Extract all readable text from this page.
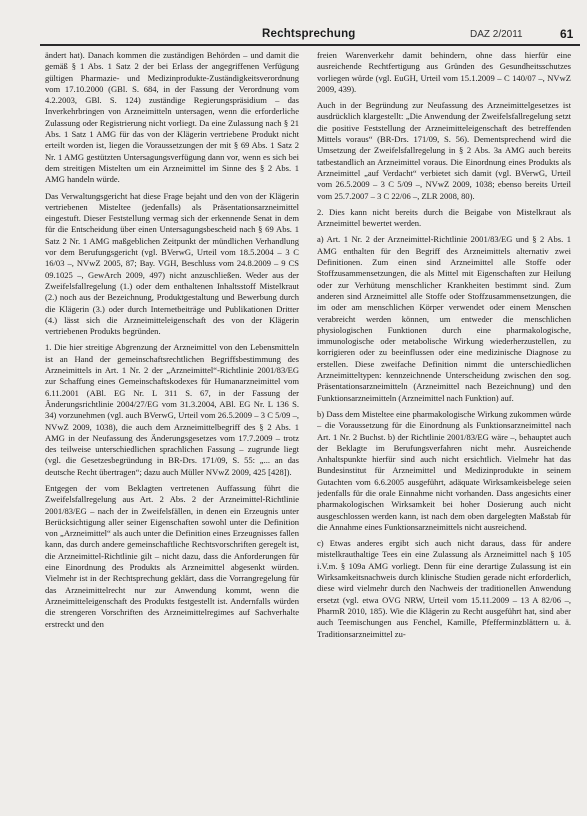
Rechtsprechung	DAZ 2/2011	61

ändert hat). Danach kommen die zuständigen Behörden – und damit die gemäß § 1 Abs. 1 Satz 2 der bei Erlass der angegriffenen Verfügung gültigen Pharmazie- und Medizinprodukte-Zuständigkeitsverordnung vom 17.10.2000 (GBl. S. 684, in der Fassung der Verordnung vom 4.2.2003, GBl. S. 124) zuständige Regierungspräsidium – das Inverkehrbringen von Arzneimitteln untersagen, wenn die erforderliche Zulassung oder Registrierung nicht vorliegt. Da eine Zulassung nach § 21 Abs. 1 Satz 1 AMG für das von der Klägerin vertriebene Produkt nicht erteilt worden ist, liegen die Voraussetzungen der mit § 69 Abs. 1 Satz 2 Nr. 1 AMG gestützten Untersagungsverfügung dann vor, wenn es sich bei dem streitigen Mistelten um ein Arzneimittel im Sinne des § 2 Abs. 1 AMG handeln würde.

Das Verwaltungsgericht hat diese Frage bejaht und den von der Klägerin vertriebenen Misteltee (jedenfalls) als Präsentationsarzneimittel eingestuft. Dieser Feststellung vermag sich der erkennende Senat in dem für die Entscheidung über einen Untersagungsbescheid nach § 69 Abs. 1 Satz 2 Nr. 1 AMG maßgeblichen Zeitpunkt der mündlichen Verhandlung vor dem Berufungsgericht (vgl. BVerwG, Urteil vom 18.5.2004 – 3 C 16/03 –, NVwZ 2005, 87; Bay. VGH, Beschluss vom 24.8.2009 – 9 CS 09.1025 –, GewArch 2009, 497) nicht anzuschließen. Weder aus der Zweifelsfallregelung (1.) oder dem enthaltenen Inhaltsstoff Mistelkraut (2.) noch aus der Bezeichnung, Produktgestaltung und Bewerbung durch die Klägerin (3.) oder durch Internetbeiträge und Publikationen Dritter (4.) lässt sich die Arzneimitteleigenschaft des von der Klägerin vertriebenen Produkts begründen.

1. Die hier streitige Abgrenzung der Arzneimittel von den Lebensmitteln ist an Hand der gemeinschaftsrechtlichen Begriffsbestimmung des Arzneimittels in Art. 1 Nr. 2 der „Arzneimittel“-Richtlinie 2001/83/EG zur Schaffung eines Gemeinschaftskodexes für Humanarzneimittel vom 6.11.2001 (ABl. EG Nr. L 311 S. 67, in der Fassung der Änderungsrichtlinie 2004/27/EG vom 31.3.2004, ABl. EG Nr. L 136 S. 34) vorzunehmen (vgl. auch BVerwG, Urteil vom 26.5.2009 – 3 C 5/09 –, NVwZ 2009, 1038), die auch dem Arzneimittelbegriff des § 2 Abs. 1 AMG in der Neufassung des Änderungsgesetzes vom 17.7.2009 – trotz des teilweise unterschiedlichen sprachlichen Fassung – zugrunde liegt (vgl. die Gesetzesbegründung in BR-Drs. 171/09, S. 55: „... an das deutsche Recht übertragen“; dazu auch Müller NVwZ 2009, 425 [428]).

Entgegen der vom Beklagten vertretenen Auffassung führt die Zweifelsfallregelung aus Art. 2 Abs. 2 der Arzneimittel-Richtlinie 2001/83/EG – nach der in Zweifelsfällen, in denen ein Erzeugnis unter Berücksichtigung aller seiner Eigenschaften sowohl unter die Definition von „Arzneimittel“ als auch unter die Definition eines Erzeugnisses fallen kann, das durch andere gemeinschaftliche Rechtsvorschriften geregelt ist, die Arzneimittel-Richtlinie gilt – nicht dazu, dass die Anforderungen für eine Einordnung des Produkts als Arzneimittel abgesenkt würden. Vielmehr ist in der Rechtsprechung geklärt, dass die Vorrangregelung für das Arzneimittelrecht nur zur Anwendung kommt, wenn die Arzneimitteleigenschaft des Produkts festgestellt ist. Andernfalls würden die strengeren Vorschriften des Arzneimittelregimes auf Sachverhalte erstreckt und den

freien Warenverkehr damit behindern, ohne dass hierfür eine ausreichende Rechtfertigung aus Gründen des Gesundheitsschutzes vorliegen würde (vgl. EuGH, Urteil vom 15.1.2009 – C 140/07 –, NVwZ 2009, 439).

Auch in der Begründung zur Neufassung des Arzneimittelgesetzes ist ausdrücklich klargestellt: „Die Anwendung der Zweifelsfallregelung setzt die positive Feststellung der Arzneimitteleigenschaft des betreffenden Mittels voraus“ (BR-Drs. 171/09, S. 56). Dementsprechend wird die Umsetzung der Zweifelsfallregelung in § 2 Abs. 3a AMG auch bereits tatbestandlich an Arzneimittel voraus. Die Einordnung eines Produkts als Arzneimittel „auf Verdacht“ verbietet sich damit (vgl. BVerwG, Urteil vom 26.5.2009 – 3 C 5/09 –, NVwZ 2009, 1038; ebenso bereits Urteil vom 25.7.2007 – 3 C 22/06 –, ZLR 2008, 80).

2. Dies kann nicht bereits durch die Beigabe von Mistelkraut als Arzneimittel bewertet werden.

a) Art. 1 Nr. 2 der Arzneimittel-Richtlinie 2001/83/EG und § 2 Abs. 1 AMG enthalten für den Begriff des Arzneimittels alternativ zwei Definitionen. Zum einen sind Arzneimittel alle Stoffe oder Stoffzusammensetzungen, die als Mittel mit Eigenschaften zur Heilung oder zur Verhütung menschlicher Krankheiten bestimmt sind. Zum anderen sind Arzneimittel alle Stoffe oder Stoffzusammensetzungen, die im oder am menschlichen Körper verwendet oder einem Menschen verabreicht werden können, um entweder die menschlichen physiologischen Funktionen durch eine pharmakologische, immunologische oder metabolische Wirkung wiederherzustellen, zu korrigieren oder zu beeinflussen oder eine medizinische Diagnose zu erstellen. Diese zweifache Definition nimmt die unterschiedlichen Arzneimitteltypen: kennzeichnende Unterscheidung zwischen den sog. Präsentationsarzneimitteln (Arzneimittel nach Bezeichnung) und den Funktionsarzneimitteln (Arzneimittel nach Funktion) auf.

b) Dass dem Misteltee eine pharmakologische Wirkung zukommen würde – die Voraussetzung für die Einordnung als Funktionsarzneimittel nach Art. 1 Nr. 2 Buchst. b) der Richtlinie 2001/83/EG wäre –, behauptet auch der Beklagte im Berufungsverfahren nicht mehr. Ausreichende Anhaltspunkte hierfür sind auch nicht ersichtlich. Vielmehr hat das Bundesinstitut für Arzneimittel und Medizinprodukte in seinem Gutachten vom 6.6.2005 ausgeführt, adäquate Wirksamkeisbelege seien jedenfalls für die orale Einnahme nicht vorhanden. Dass angesichts einer pharmakologischen Wirksamkeit bei hoher Dosierung auch nicht ausgeschlossen werden kann, ist nach dem oben dargelegten Maßstab für die Annahme eines Funktionsarzneimittels nicht ausreichend.

c) Etwas anderes ergibt sich auch nicht daraus, dass für andere mistelkrauthaltige Tees ein eine Zulassung als Arzneimittel nach § 105 i.V.m. § 109a AMG vorliegt. Denn für eine derartige Zulassung ist ein Wirksamkeitsnachweis durch klinische Studien gerade nicht erforderlich, diese wird vielmehr durch den Nachweis der traditionellen Anwendung ersetzt (vgl. etwa OVG NRW, Urteil vom 15.11.2009 – 13 A 82/06 –, PharmR 2010, 185). Wie die Klägerin zu Recht ausgeführt hat, sind aber auch Teemischungen aus Fenchel, Kamille, Pfefferminzblättern u. ä. Traditionsarzneimittel zu-
